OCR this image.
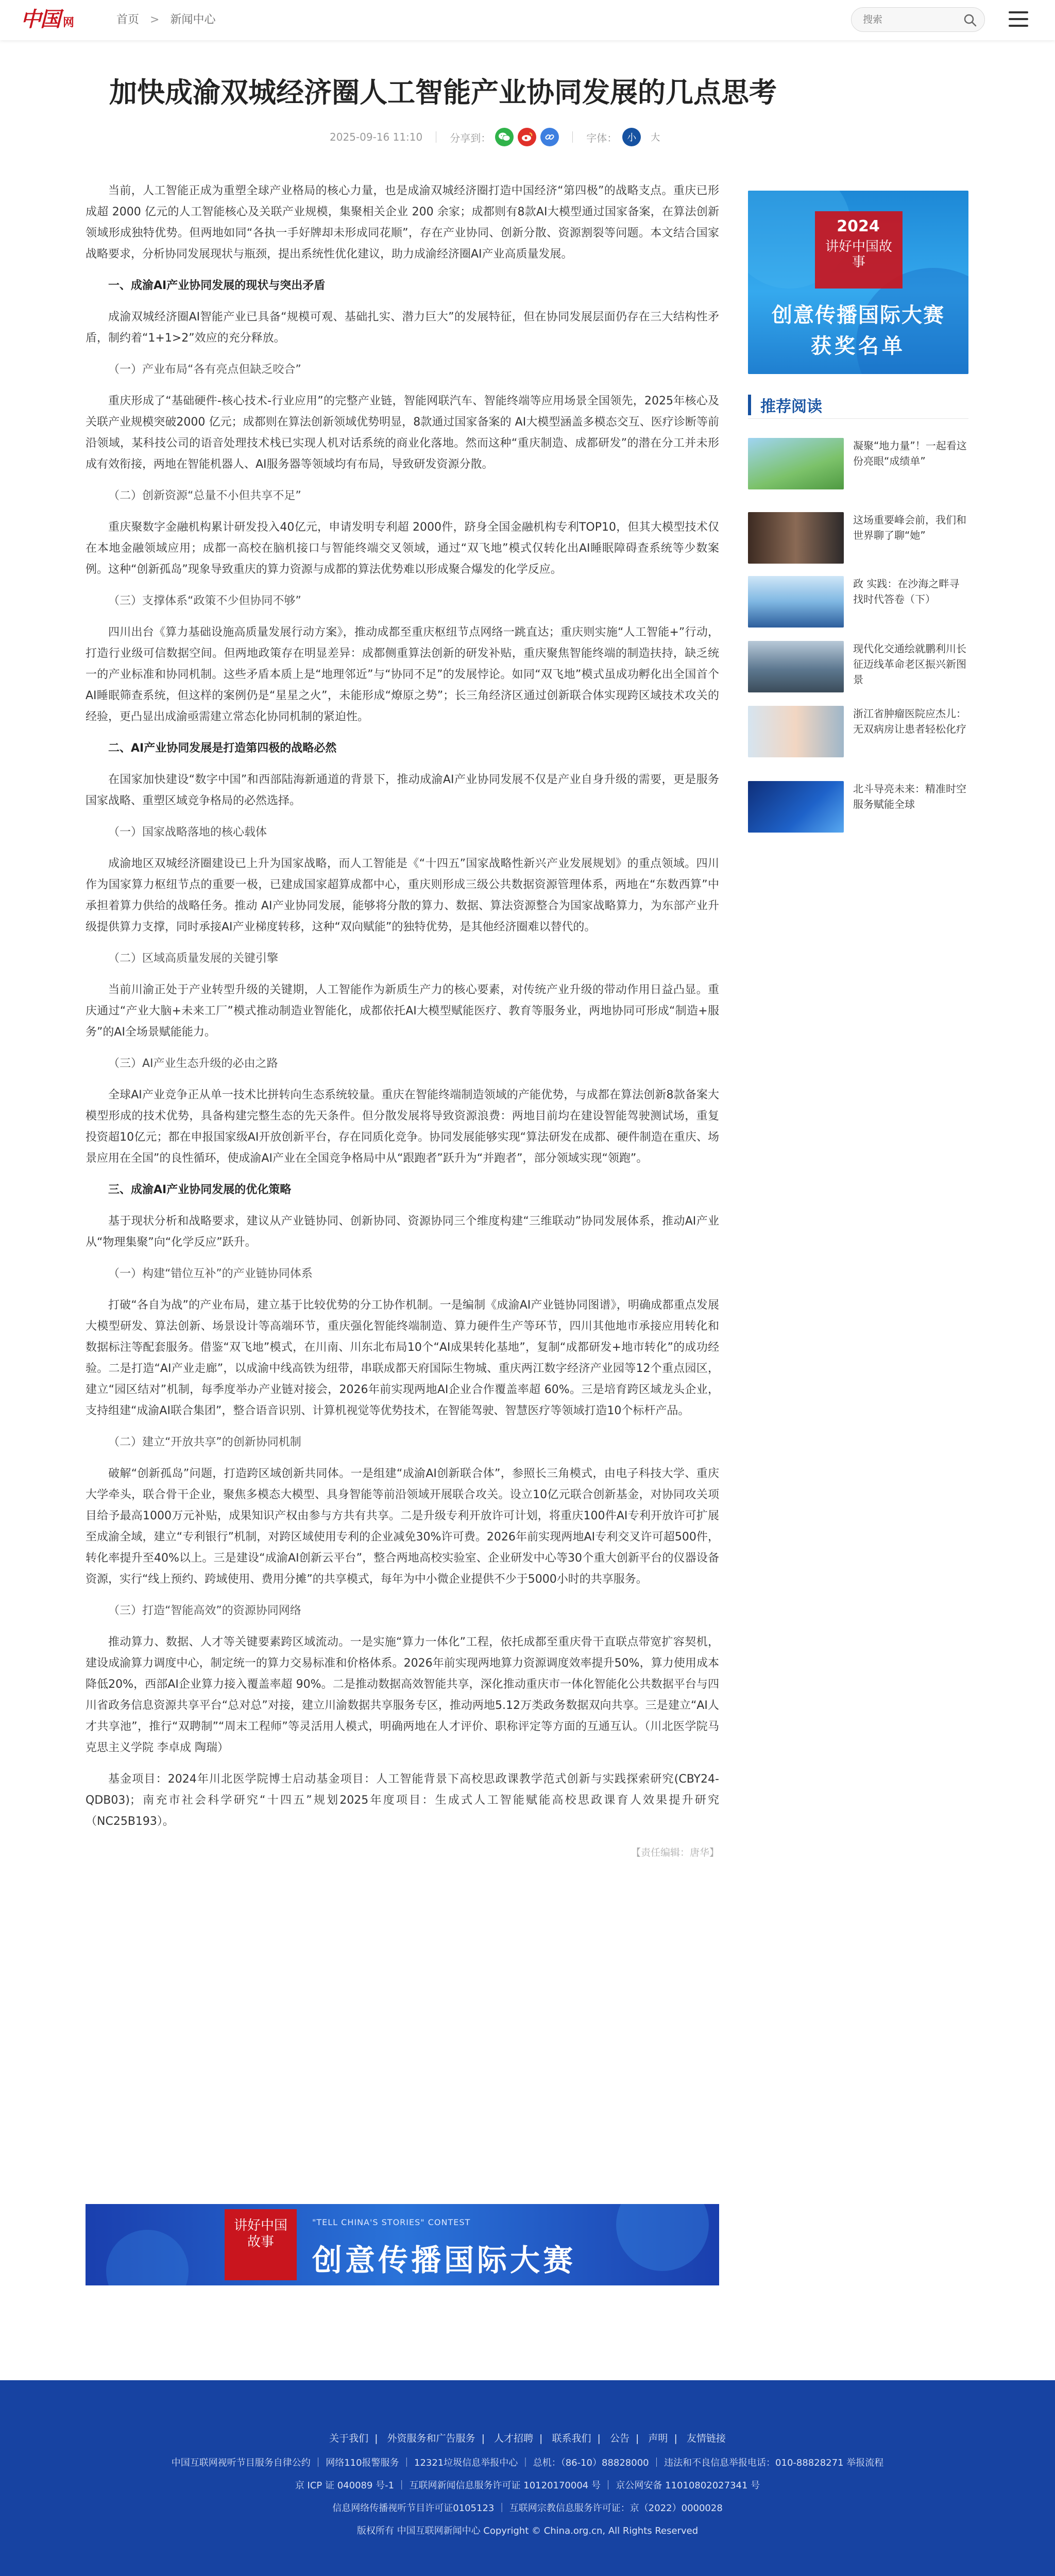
中国 网	首页 > 新闻中心
搜索
加快成渝双城经济圈人工智能产业协同发展的几点思考
2025-09-16 11:10	分享到：	字体：	小	大

当前，人工智能正成为重塑全球产业格局的核心力量，也是成渝双城经济圈打造中国经济“第四极”的战略支点。重庆已形成超 2000 亿元的人工智能核心及关联产业规模，集聚相关企业 200 余家；成都则有8款AI大模型通过国家备案，在算法创新领域形成独特优势。但两地如同“各执一手好牌却未形成同花顺”，存在产业协同、创新分散、资源割裂等问题。本文结合国家战略要求，分析协同发展现状与瓶颈，提出系统性优化建议，助力成渝经济圈AI产业高质量发展。

一、成渝AI产业协同发展的现状与突出矛盾

成渝双城经济圈AI智能产业已具备“规模可观、基础扎实、潜力巨大”的发展特征，但在协同发展层面仍存在三大结构性矛盾，制约着“1+1>2”效应的充分释放。

（一）产业布局“各有亮点但缺乏咬合”

重庆形成了“基础硬件-核心技术-行业应用”的完整产业链，智能网联汽车、智能终端等应用场景全国领先，2025年核心及关联产业规模突破2000 亿元；成都则在算法创新领域优势明显，8款通过国家备案的 AI大模型涵盖多模态交互、医疗诊断等前沿领域，某科技公司的语音处理技术栈已实现人机对话系统的商业化落地。然而这种“重庆制造、成都研发”的潜在分工并未形成有效衔接，两地在智能机器人、AI服务器等领域均有布局，导致研发资源分散。

（二）创新资源“总量不小但共享不足”

重庆聚数字金融机构累计研发投入40亿元，申请发明专利超 2000件，跻身全国金融机构专利TOP10，但其大模型技术仅在本地金融领域应用；成都一高校在脑机接口与智能终端交叉领域，通过“双飞地”模式仅转化出AI睡眠障碍查系统等少数案例。这种“创新孤岛”现象导致重庆的算力资源与成都的算法优势难以形成聚合爆发的化学反应。

（三）支撑体系“政策不少但协同不够”

四川出台《算力基础设施高质量发展行动方案》，推动成都至重庆枢纽节点网络一跳直达；重庆则实施“人工智能+”行动，打造行业级可信数据空间。但两地政策存在明显差异：成都侧重算法创新的研发补贴，重庆聚焦智能终端的制造扶持，缺乏统一的产业标准和协同机制。这些矛盾本质上是“地理邻近”与“协同不足”的发展悖论。如同“双飞地”模式虽成功孵化出全国首个AI睡眠筛查系统，但这样的案例仍是“星星之火”，未能形成“燎原之势”；长三角经济区通过创新联合体实现跨区域技术攻关的经验，更凸显出成渝亟需建立常态化协同机制的紧迫性。

二、AI产业协同发展是打造第四极的战略必然

在国家加快建设“数字中国”和西部陆海新通道的背景下，推动成渝AI产业协同发展不仅是产业自身升级的需要，更是服务国家战略、重塑区域竞争格局的必然选择。

（一）国家战略落地的核心载体

成渝地区双城经济圈建设已上升为国家战略，而人工智能是《“十四五”国家战略性新兴产业发展规划》的重点领域。四川作为国家算力枢纽节点的重要一极，已建成国家超算成都中心，重庆则形成三级公共数据资源管理体系，两地在“东数西算”中承担着算力供给的战略任务。推动 AI产业协同发展，能够将分散的算力、数据、算法资源整合为国家战略算力，为东部产业升级提供算力支撑，同时承接AI产业梯度转移，这种“双向赋能”的独特优势，是其他经济圈难以替代的。

（二）区域高质量发展的关键引擎

当前川渝正处于产业转型升级的关键期，人工智能作为新质生产力的核心要素，对传统产业升级的带动作用日益凸显。重庆通过“产业大脑+未来工厂”模式推动制造业智能化，成都依托AI大模型赋能医疗、教育等服务业，两地协同可形成“制造+服务”的AI全场景赋能能力。

（三）AI产业生态升级的必由之路

全球AI产业竞争正从单一技术比拼转向生态系统较量。重庆在智能终端制造领域的产能优势，与成都在算法创新8款备案大模型形成的技术优势，具备构建完整生态的先天条件。但分散发展将导致资源浪费：两地目前均在建设智能驾驶测试场，重复投资超10亿元；都在申报国家级AI开放创新平台，存在同质化竞争。协同发展能够实现“算法研发在成都、硬件制造在重庆、场景应用在全国”的良性循环，使成渝AI产业在全国竞争格局中从“跟跑者”跃升为“并跑者”，部分领域实现“领跑”。

三、成渝AI产业协同发展的优化策略

基于现状分析和战略要求，建议从产业链协同、创新协同、资源协同三个维度构建“三维联动”协同发展体系，推动AI产业从“物理集聚”向“化学反应”跃升。

（一）构建“错位互补”的产业链协同体系

打破“各自为战”的产业布局，建立基于比较优势的分工协作机制。一是编制《成渝AI产业链协同图谱》，明确成都重点发展大模型研发、算法创新、场景设计等高端环节，重庆强化智能终端制造、算力硬件生产等环节，四川其他地市承接应用转化和数据标注等配套服务。借鉴“双飞地”模式，在川南、川东北布局10个“AI成果转化基地”，复制“成都研发+地市转化”的成功经验。二是打造“AI产业走廊”，以成渝中线高铁为纽带，串联成都天府国际生物城、重庆两江数字经济产业园等12个重点园区，建立“园区结对”机制，每季度举办产业链对接会，2026年前实现两地AI企业合作覆盖率超 60%。三是培育跨区域龙头企业，支持组建“成渝AI联合集团”，整合语音识别、计算机视觉等优势技术，在智能驾驶、智慧医疗等领域打造10个标杆产品。

（二）建立“开放共享”的创新协同机制

破解“创新孤岛”问题，打造跨区域创新共同体。一是组建“成渝AI创新联合体”，参照长三角模式，由电子科技大学、重庆大学牵头，联合骨干企业，聚焦多模态大模型、具身智能等前沿领域开展联合攻关。设立10亿元联合创新基金，对协同攻关项目给予最高1000万元补贴，成果知识产权由参与方共有共享。二是升级专利开放许可计划，将重庆100件AI专利开放许可扩展至成渝全域，建立“专利银行”机制，对跨区域使用专利的企业减免30%许可费。2026年前实现两地AI专利交叉许可超500件，转化率提升至40%以上。三是建设“成渝AI创新云平台”，整合两地高校实验室、企业研发中心等30个重大创新平台的仪器设备资源，实行“线上预约、跨域使用、费用分摊”的共享模式，每年为中小微企业提供不少于5000小时的共享服务。

（三）打造“智能高效”的资源协同网络

推动算力、数据、人才等关键要素跨区域流动。一是实施“算力一体化”工程，依托成都至重庆骨干直联点带宽扩容契机，建设成渝算力调度中心，制定统一的算力交易标准和价格体系。2026年前实现两地算力资源调度效率提升50%，算力使用成本降低20%，西部AI企业算力接入覆盖率超 90%。二是推动数据高效智能共享，深化推动重庆市一体化智能化公共数据平台与四川省政务信息资源共享平台“总对总”对接，建立川渝数据共享服务专区，推动两地5.12万类政务数据双向共享。三是建立“AI人才共享池”，推行“双聘制”“周末工程师”等灵活用人模式，明确两地在人才评价、职称评定等方面的互通互认。（川北医学院马克思主义学院 李卓成 陶瑞）

基金项目：2024年川北医学院博士启动基金项目：人工智能背景下高校思政课教学范式创新与实践探索研究(CBY24-QDB03)；南充市社会科学研究“十四五”规划2025年度项目：生成式人工智能赋能高校思政课育人效果提升研究（NC25B193）。

【责任编辑：唐华】

2024
讲好中国故事
创意传播国际大赛
获奖名单
推荐阅读
凝聚“地力量”！一起看这份亮眼“成绩单”
这场重要峰会前，我们和世界聊了聊“她”
政 实践：在沙海之畔寻找时代答卷（下）
现代化交通绘就鹏利川长征迈线革命老区振兴新图景
浙江省肿瘤医院应杰儿：无双病房让患者轻松化疗
北斗导亮未来：精准时空服务赋能全球
讲好中国故事
"TELL CHINA'S STORIES" CONTEST
创意传播国际大赛
关于我们 | 外资服务和广告服务 | 人才招聘 | 联系我们 | 公告 | 声明 | 友情链接
中国互联网视听节目服务自律公约 ｜ 网络110报警服务 ｜ 12321垃圾信息举报中心 ｜ 总机：（86-10）88828000 ｜ 违法和不良信息举报电话：010-88828271 举报流程
京 ICP 证 040089 号-1 ｜ 互联网新闻信息服务许可证 10120170004 号 ｜ 京公网安备 11010802027341 号
信息网络传播视听节目许可证0105123 ｜ 互联网宗教信息服务许可证：京（2022）0000028
版权所有 中国互联网新闻中心 Copyright © China.org.cn, All Rights Reserved
